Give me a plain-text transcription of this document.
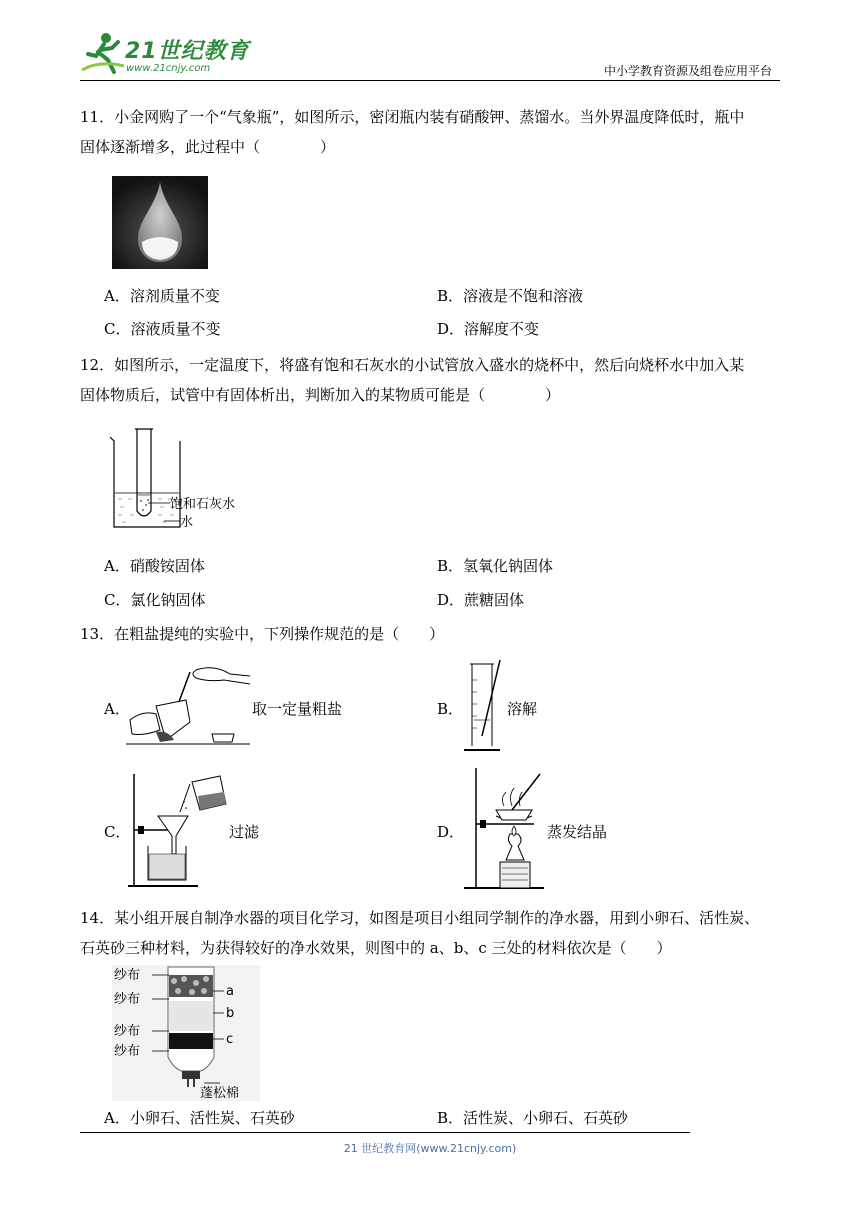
21世纪教育
www.21cnjy.com	中小学教育资源及组卷应用平台
11．小金网购了一个“气象瓶”，如图所示，密闭瓶内装有硝酸钾、蒸馏水。当外界温度降低时，瓶中
固体逐渐增多，此过程中（　　　　）
A．溶剂质量不变	B．溶液是不饱和溶液
C．溶液质量不变	D．溶解度不变
12．如图所示，一定温度下，将盛有饱和石灰水的小试管放入盛水的烧杯中，然后向烧杯水中加入某
固体物质后，试管中有固体析出，判断加入的某物质可能是（　　　　）
饱和石灰水
水
A．硝酸铵固体	B．氢氧化钠固体
C．氯化钠固体	D．蔗糖固体
13．在粗盐提纯的实验中，下列操作规范的是（　　）
A．	取一定量粗盐	B．	溶解
C．	过滤	D．	蒸发结晶
14．某小组开展自制净水器的项目化学习，如图是项目小组同学制作的净水器，用到小卵石、活性炭、
石英砂三种材料，为获得较好的净水效果，则图中的 a、b、c 三处的材料依次是（　　）
纱布
纱布
纱布
纱布
a
b
c
蓬松棉
A．小卵石、活性炭、石英砂	B．活性炭、小卵石、石英砂
21 世纪教育网(www.21cnjy.com)
